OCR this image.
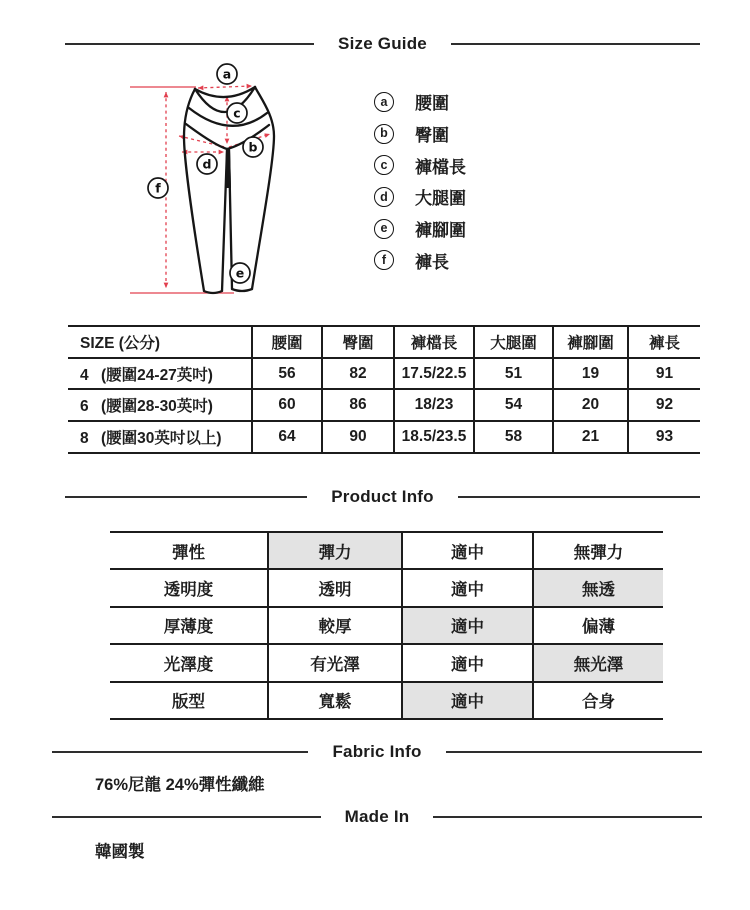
Size Guide
a
b
c
d
e
f
a 腰圍
b 臀圍
c 褲檔長
d 大腿圍
e 褲腳圍
f 褲長
SIZE (公分)	腰圍	臀圍	褲檔長	大腿圍	褲腳圍	褲長
4 (腰圍24-27英吋)	56	82	17.5/22.5	51	19	91
6 (腰圍28-30英吋)	60	86	18/23	54	20	92
8 (腰圍30英吋以上)	64	90	18.5/23.5	58	21	93
Product Info
彈性	彈力	適中	無彈力
透明度	透明	適中	無透
厚薄度	較厚	適中	偏薄
光澤度	有光澤	適中	無光澤
版型	寬鬆	適中	合身
Fabric Info
76%尼龍 24%彈性纖維
Made In
韓國製
